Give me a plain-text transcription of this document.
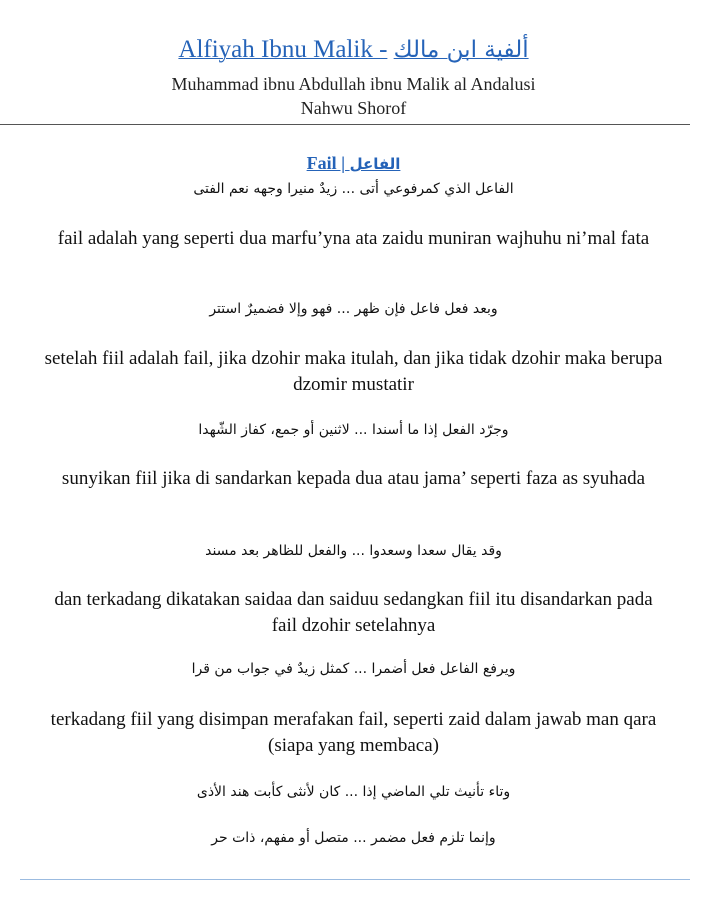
Alfiyah Ibnu Malik - ألفية ابن مالك
Muhammad ibnu Abdullah ibnu Malik al Andalusi
Nahwu Shorof
Fail | الفاعل
الفاعل الذي كمرفوعي أتى ... زيدٌ منيرا وجهه نعم الفتى
fail adalah yang seperti dua marfu’yna ata zaidu muniran wajhuhu ni’mal fata
وبعد فعل فاعل فإن ظهر ... فهو وإلا فضميرٌ استتر
setelah fiil adalah fail, jika dzohir maka itulah, dan jika tidak dzohir maka berupa dzomir mustatir
وجرّد الفعل إذا ما أسندا ... لاثنين أو جمع، كفاز الشّهدا
sunyikan fiil jika di sandarkan kepada dua atau jama’ seperti faza as syuhada
وقد يقال سعدا وسعدوا ... والفعل للظاهر بعد مسند
dan terkadang dikatakan saidaa dan saiduu sedangkan fiil itu disandarkan pada fail dzohir setelahnya
ويرفع الفاعل فعل أضمرا ... كمثل زيدٌ في جواب من قرا
terkadang fiil yang disimpan merafakan fail, seperti zaid dalam jawab man qara (siapa yang membaca)
وتاء تأنيث تلي الماضي إذا ... كان لأنثى كأبت هند الأذى
وإنما تلزم فعل مضمر ... متصل أو مفهم، ذات حر
